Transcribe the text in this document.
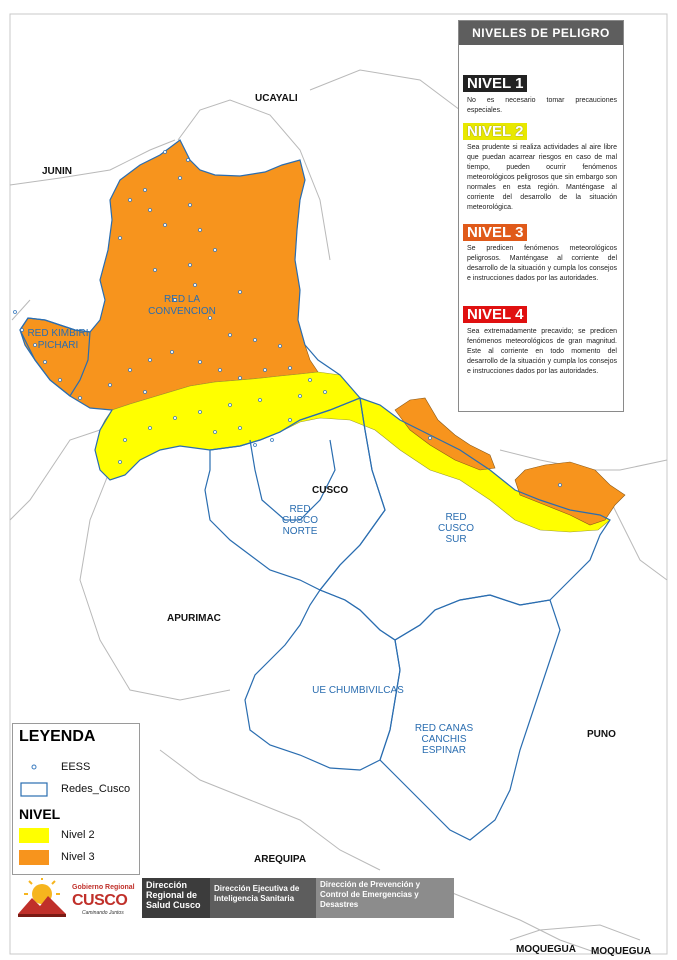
UCAYALI
JUNIN
CUSCO
APURIMAC
PUNO
AREQUIPA
MOQUEGUA MOQUEGUA
RED LA
CONVENCION
RED KIMBIRI
PICHARI
RED
CUSCO
NORTE
RED
CUSCO
SUR
UE CHUMBIVILCAS
RED CANAS
CANCHIS
ESPINAR
NIVELES DE PELIGRO
NIVEL 1
No es necesario tomar precauciones especiales.
NIVEL 2
Sea prudente si realiza actividades al aire libre que puedan acarrear riesgos en caso de mal tiempo, pueden ocurrir fenómenos meteorológicos peligrosos que sin embargo son normales en esta región. Manténgase al corriente del desarrollo de la situación meteorológica.
NIVEL 3
Se predicen fenómenos meteorológicos peligrosos. Manténgase al corriente del desarrollo de la situación y cumpla los consejos e instrucciones dados por las autoridades.
NIVEL 4
Sea extremadamente precavido; se predicen fenómenos meteorológicos de gran magnitud. Este al corriente en todo momento del desarrollo de la situación y cumpla los consejos e instrucciones dados por las autoridades.
LEYENDA
EESS
Redes_Cusco
NIVEL
Nivel 2
Nivel 3
Gobierno Regional
CUSCO
Caminando Juntos
Dirección Regional de Salud Cusco
Dirección Ejecutiva de Inteligencia Sanitaria
Dirección de Prevención y Control de Emergencias y Desastres
